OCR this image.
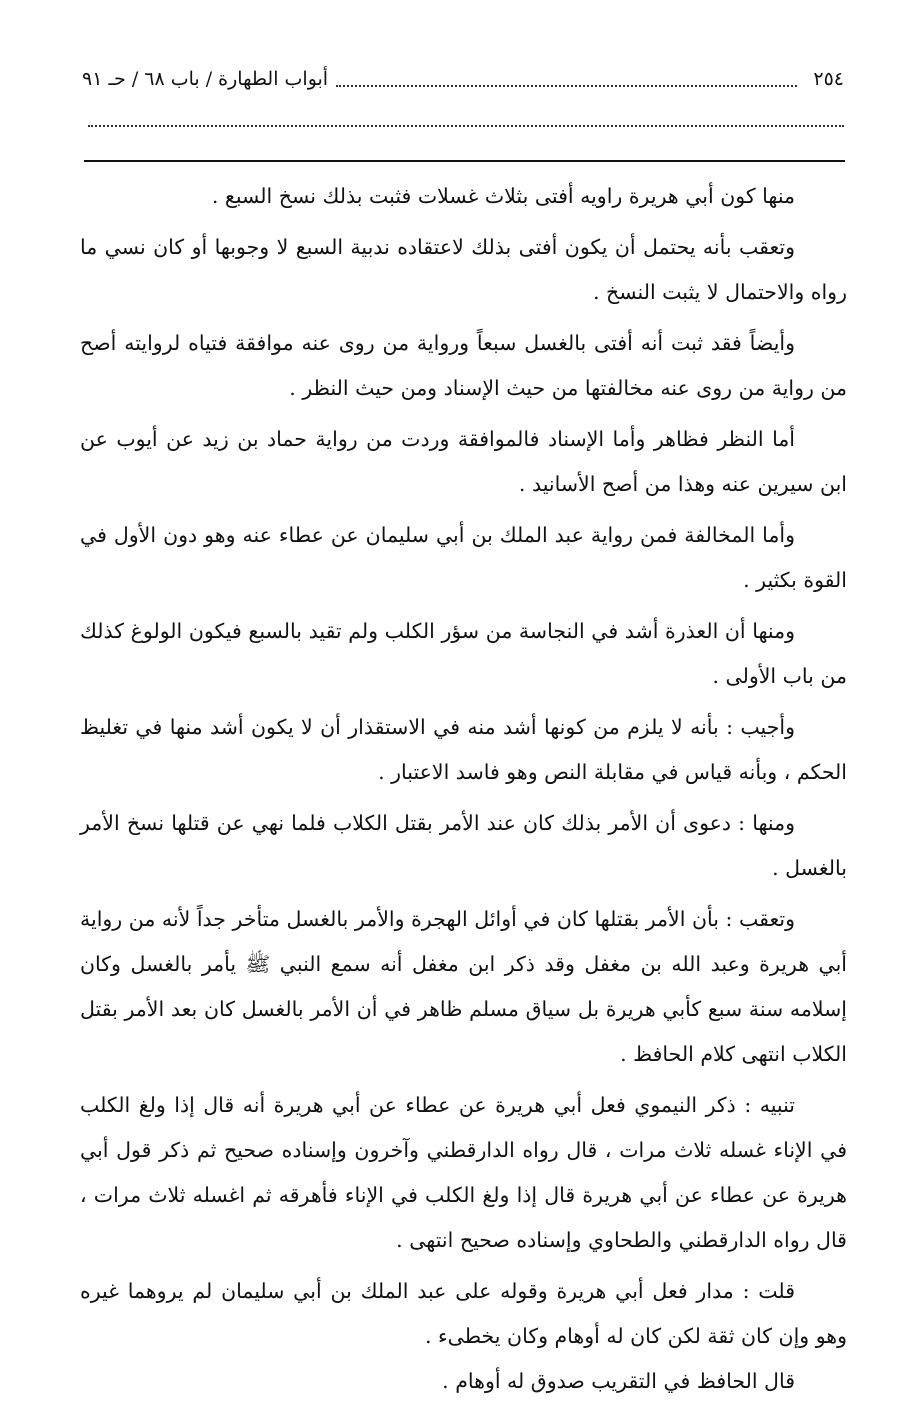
٢٥٤
أبواب الطهارة / باب ٦٨ / حـ ٩١

منها كون أبي هريرة راويه أفتى بثلاث غسلات فثبت بذلك نسخ السبع .

وتعقب بأنه يحتمل أن يكون أفتى بذلك لاعتقاده ندبية السبع لا وجوبها أو كان نسي ما رواه والاحتمال لا يثبت النسخ .

وأيضاً فقد ثبت أنه أفتى بالغسل سبعاً ورواية من روى عنه موافقة فتياه لروايته أصح من رواية من روى عنه مخالفتها من حيث الإسناد ومن حيث النظر .

أما النظر فظاهر وأما الإسناد فالموافقة وردت من رواية حماد بن زيد عن أيوب عن ابن سيرين عنه وهذا من أصح الأسانيد .

وأما المخالفة فمن رواية عبد الملك بن أبي سليمان عن عطاء عنه وهو دون الأول في القوة بكثير .

ومنها أن العذرة أشد في النجاسة من سؤر الكلب ولم تقيد بالسبع فيكون الولوغ كذلك من باب الأولى .

وأجيب : بأنه لا يلزم من كونها أشد منه في الاستقذار أن لا يكون أشد منها في تغليظ الحكم ، وبأنه قياس في مقابلة النص وهو فاسد الاعتبار .

ومنها : دعوى أن الأمر بذلك كان عند الأمر بقتل الكلاب فلما نهي عن قتلها نسخ الأمر بالغسل .

وتعقب : بأن الأمر بقتلها كان في أوائل الهجرة والأمر بالغسل متأخر جداً لأنه من رواية أبي هريرة وعبد الله بن مغفل وقد ذكر ابن مغفل أنه سمع النبي ﷺ يأمر بالغسل وكان إسلامه سنة سبع كأبي هريرة بل سياق مسلم ظاهر في أن الأمر بالغسل كان بعد الأمر بقتل الكلاب انتهى كلام الحافظ .

تنبيه : ذكر النيموي فعل أبي هريرة عن عطاء عن أبي هريرة أنه قال إذا ولغ الكلب في الإناء غسله ثلاث مرات ، قال رواه الدارقطني وآخرون وإسناده صحيح ثم ذكر قول أبي هريرة عن عطاء عن أبي هريرة قال إذا ولغ الكلب في الإناء فأهرقه ثم اغسله ثلاث مرات ، قال رواه الدارقطني والطحاوي وإسناده صحيح انتهى .

قلت : مدار فعل أبي هريرة وقوله على عبد الملك بن أبي سليمان لم يروهما غيره وهو وإن كان ثقة لكن كان له أوهام وكان يخطىء .

قال الحافظ في التقريب صدوق له أوهام .
